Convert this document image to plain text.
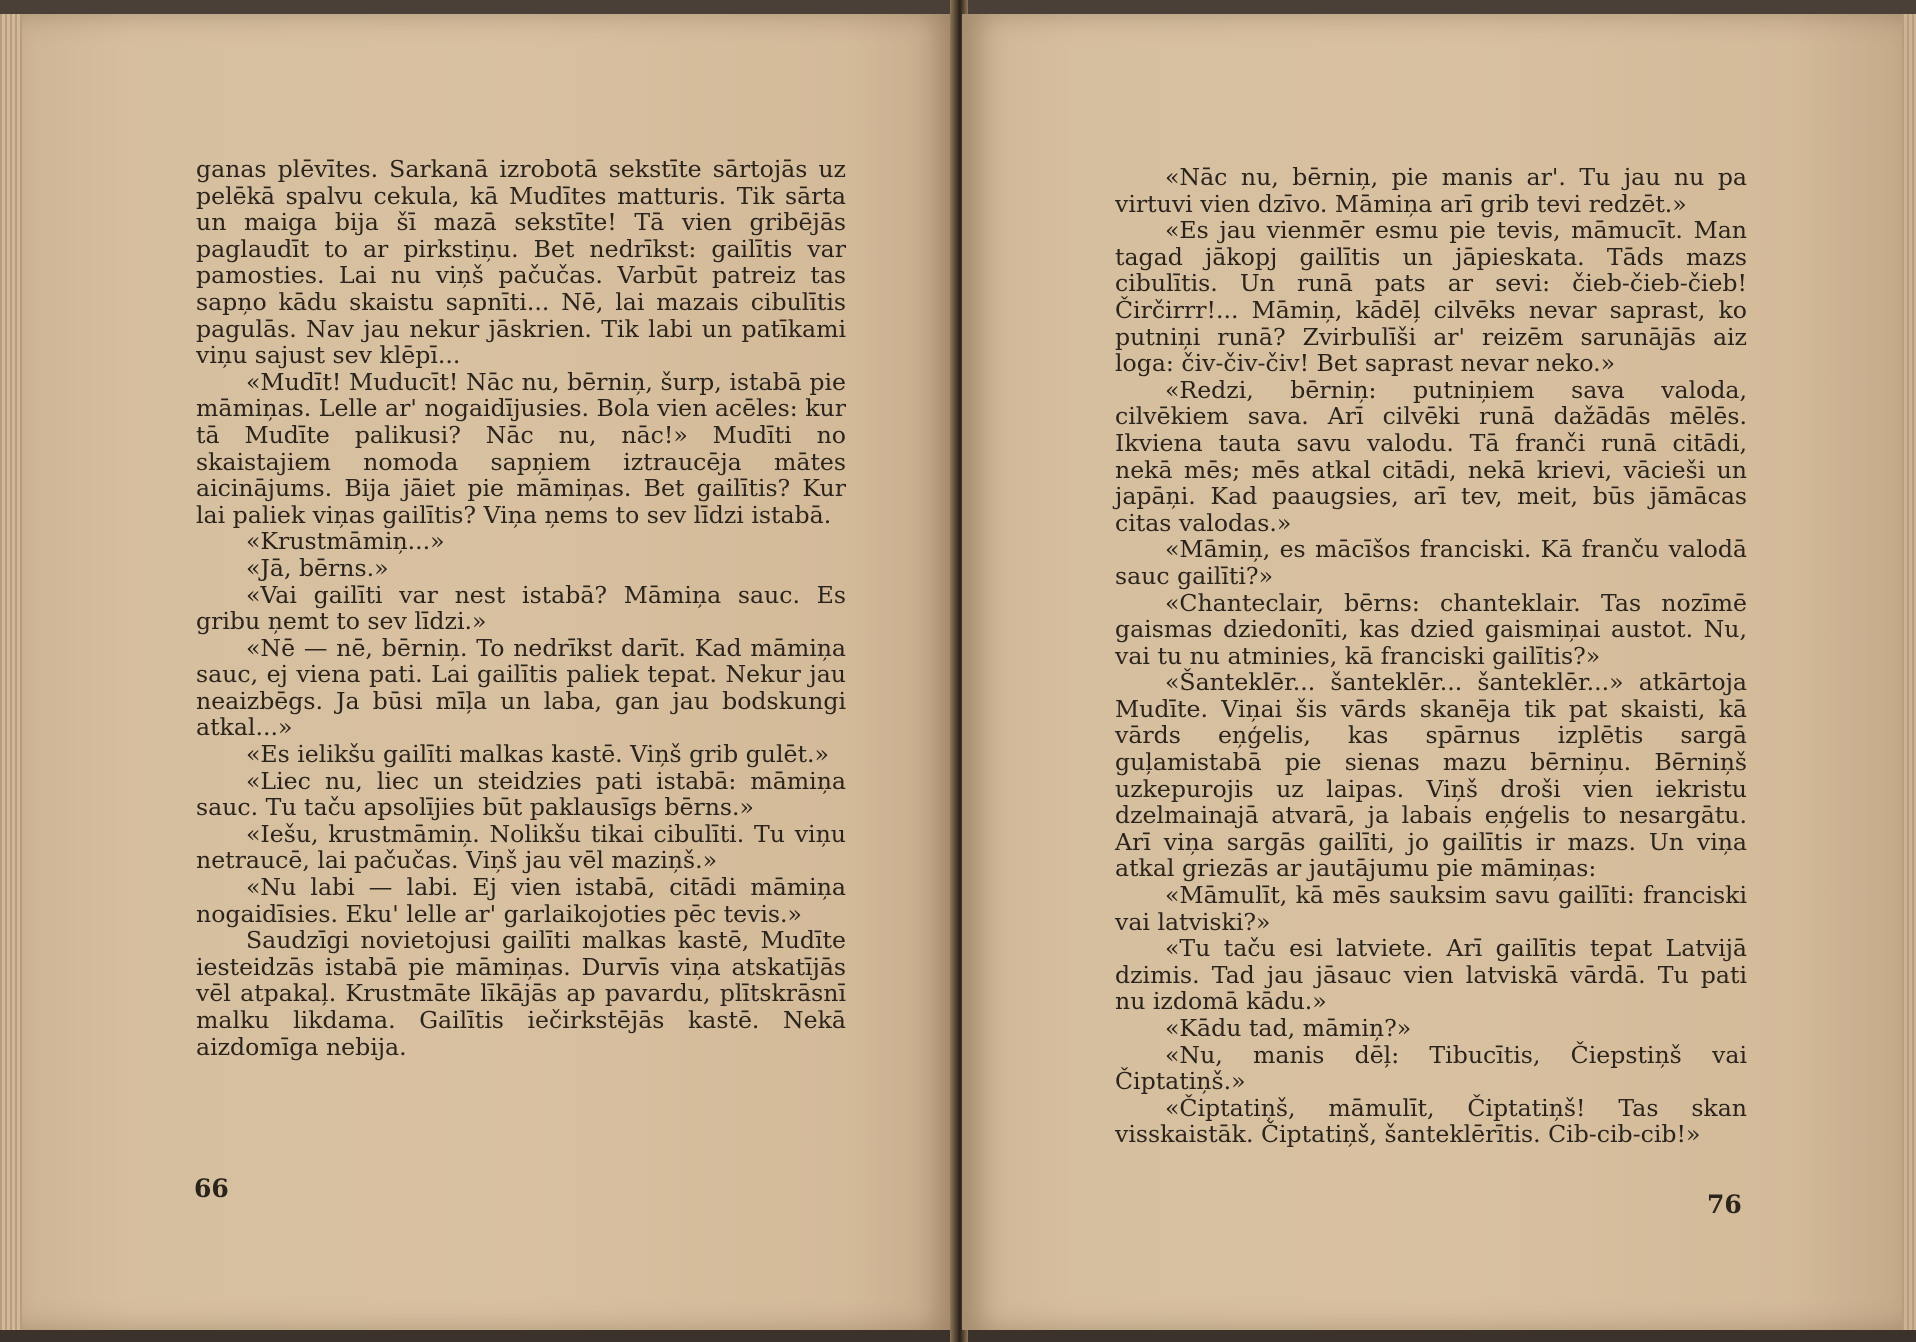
ganas plēvītes. Sarkanā izrobotā sekstīte sārtojās uz pelēkā spalvu cekula, kā Mudītes matturis. Tik sārta un maiga bija šī mazā sekstīte! Tā vien gribējās paglaudīt to ar pirkstiņu. Bet nedrīkst: gailītis var pamosties. Lai nu viņš pačučas. Varbūt patreiz tas sapņo kādu skaistu sapnīti... Nē, lai mazais cibulītis pagulās. Nav jau nekur jāskrien. Tik labi un patīkami viņu sajust sev klēpī...

«Mudīt! Muducīt! Nāc nu, bērniņ, šurp, istabā pie māmiņas. Lelle ar' nogaidījusies. Bola vien acēles: kur tā Mudīte palikusi? Nāc nu, nāc!» Mudīti no skaistajiem nomoda sapņiem iztraucēja mātes aicinājums. Bija jāiet pie māmiņas. Bet gailītis? Kur lai paliek viņas gailītis? Viņa ņems to sev līdzi istabā.

«Krustmāmiņ...»

«Jā, bērns.»

«Vai gailīti var nest istabā? Māmiņa sauc. Es gribu ņemt to sev līdzi.»

«Nē — nē, bērniņ. To nedrīkst darīt. Kad māmiņa sauc, ej viena pati. Lai gailītis paliek tepat. Nekur jau neaizbēgs. Ja būsi mīļa un laba, gan jau bodskungi atkal...»

«Es ielikšu gailīti malkas kastē. Viņš grib gulēt.»

«Liec nu, liec un steidzies pati istabā: māmiņa sauc. Tu taču apsolījies būt paklausīgs bērns.»

«Iešu, krustmāmiņ. Nolikšu tikai cibulīti. Tu viņu netraucē, lai pačučas. Viņš jau vēl maziņš.»

«Nu labi — labi. Ej vien istabā, citādi māmiņa nogaidīsies. Eku' lelle ar' garlaikojoties pēc tevis.»

Saudzīgi novietojusi gailīti malkas kastē, Mudīte iesteidzās istabā pie māmiņas. Durvīs viņa atskatījās vēl atpakaļ. Krustmāte līkājās ap pavardu, plītskrāsnī malku likdama. Gailītis iečirkstējās kastē. Nekā aizdomīga nebija.

66

«Nāc nu, bērniņ, pie manis ar'. Tu jau nu pa virtuvi vien dzīvo. Māmiņa arī grib tevi redzēt.»

«Es jau vienmēr esmu pie tevis, māmucīt. Man tagad jākopj gailītis un jāpieskata. Tāds mazs cibulītis. Un runā pats ar sevi: čieb-čieb-čieb! Čirčirrr!... Māmiņ, kādēļ cilvēks nevar saprast, ko putniņi runā? Zvirbulīši ar' reizēm sarunājās aiz loga: čiv-čiv-čiv! Bet saprast nevar neko.»

«Redzi, bērniņ: putniņiem sava valoda, cilvēkiem sava. Arī cilvēki runā dažādās mēlēs. Ikviena tauta savu valodu. Tā franči runā citādi, nekā mēs; mēs atkal citādi, nekā krievi, vācieši un japāņi. Kad paaugsies, arī tev, meit, būs jāmācas citas valodas.»

«Māmiņ, es mācīšos franciski. Kā franču valodā sauc gailīti?»

«Chanteclair, bērns: chanteklair. Tas nozīmē gaismas dziedonīti, kas dzied gaismiņai austot. Nu, vai tu nu atminies, kā franciski gailītis?»

«Šanteklēr... šanteklēr... šanteklēr...» atkārtoja Mudīte. Viņai šis vārds skanēja tik pat skaisti, kā vārds eņģelis, kas spārnus izplētis sargā guļamistabā pie sienas mazu bērniņu. Bērniņš uzkepurojis uz laipas. Viņš droši vien iekristu dzelmainajā atvarā, ja labais eņģelis to nesargātu. Arī viņa sargās gailīti, jo gailītis ir mazs. Un viņa atkal griezās ar jautājumu pie māmiņas:

«Māmulīt, kā mēs sauksim savu gailīti: franciski vai latviski?»

«Tu taču esi latviete. Arī gailītis tepat Latvijā dzimis. Tad jau jāsauc vien latviskā vārdā. Tu pati nu izdomā kādu.»

«Kādu tad, māmiņ?»

«Nu, manis dēļ: Tibucītis, Čiepstiņš vai Čiptatiņš.»

«Čiptatiņš, māmulīt, Čiptatiņš! Tas skan visskaistāk. Čiptatiņš, šanteklērītis. Cib-cib-cib!»

76
